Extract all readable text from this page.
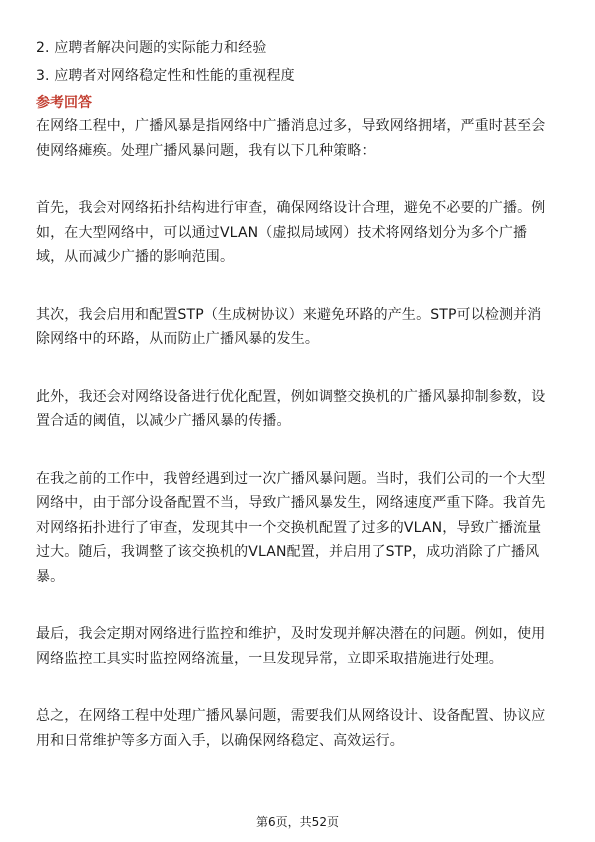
2. 应聘者解决问题的实际能力和经验
3. 应聘者对网络稳定性和性能的重视程度
参考回答
在网络工程中，广播风暴是指网络中广播消息过多，导致网络拥堵，严重时甚至会
使网络瘫痪。处理广播风暴问题，我有以下几种策略：
首先，我会对网络拓扑结构进行审查，确保网络设计合理，避免不必要的广播。例
如，在大型网络中，可以通过VLAN（虚拟局域网）技术将网络划分为多个广播
域，从而减少广播的影响范围。
其次，我会启用和配置STP（生成树协议）来避免环路的产生。STP可以检测并消
除网络中的环路，从而防止广播风暴的发生。
此外，我还会对网络设备进行优化配置，例如调整交换机的广播风暴抑制参数，设
置合适的阈值，以减少广播风暴的传播。
在我之前的工作中，我曾经遇到过一次广播风暴问题。当时，我们公司的一个大型
网络中，由于部分设备配置不当，导致广播风暴发生，网络速度严重下降。我首先
对网络拓扑进行了审查，发现其中一个交换机配置了过多的VLAN，导致广播流量
过大。随后，我调整了该交换机的VLAN配置，并启用了STP，成功消除了广播风
暴。
最后，我会定期对网络进行监控和维护，及时发现并解决潜在的问题。例如，使用
网络监控工具实时监控网络流量，一旦发现异常，立即采取措施进行处理。
总之，在网络工程中处理广播风暴问题，需要我们从网络设计、设备配置、协议应
用和日常维护等多方面入手，以确保网络稳定、高效运行。
第6页，共52页
